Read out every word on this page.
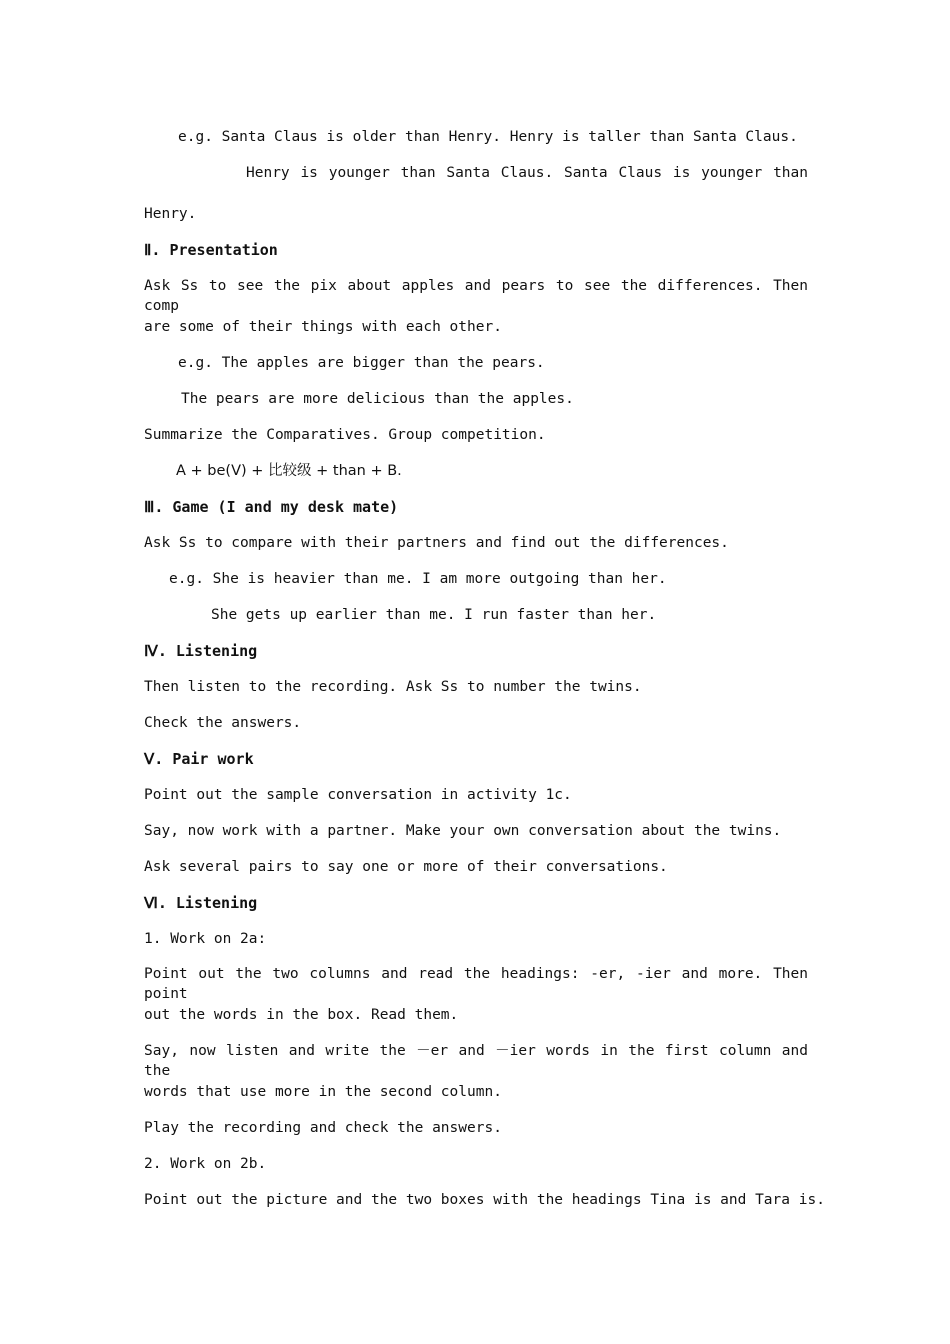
e.g. Santa Claus is older than Henry. Henry is taller than Santa Claus.
Henry is younger than Santa Claus. Santa Claus is younger than
Henry.
Ⅱ. Presentation
Ask Ss to see the pix about apples and pears to see the differences. Then comp
are some of their things with each other.
e.g. The apples are bigger than the pears.
The pears are more delicious than the apples.
Summarize the Comparatives. Group competition.
A + be(V) + 比较级 + than + B.
Ⅲ. Game (I and my desk mate)
Ask Ss to compare with their partners and find out the differences.
e.g. She is heavier than me. I am more outgoing than her.
She gets up earlier than me. I run faster than her.
Ⅳ. Listening
Then listen to the recording. Ask Ss to number the twins.
Check the answers.
Ⅴ. Pair work
Point out the sample conversation in activity 1c.
Say, now work with a partner. Make your own conversation about the twins.
Ask several pairs to say one or more of their conversations.
Ⅵ. Listening
1. Work on 2a:
Point out the two columns and read the headings: -er, -ier and more. Then point
out the words in the box. Read them.
Say, now listen and write the －er and －ier words in the first column and the
words that use more in the second column.
Play the recording and check the answers.
2. Work on 2b.
Point out the picture and the two boxes with the headings Tina is and Tara is.
